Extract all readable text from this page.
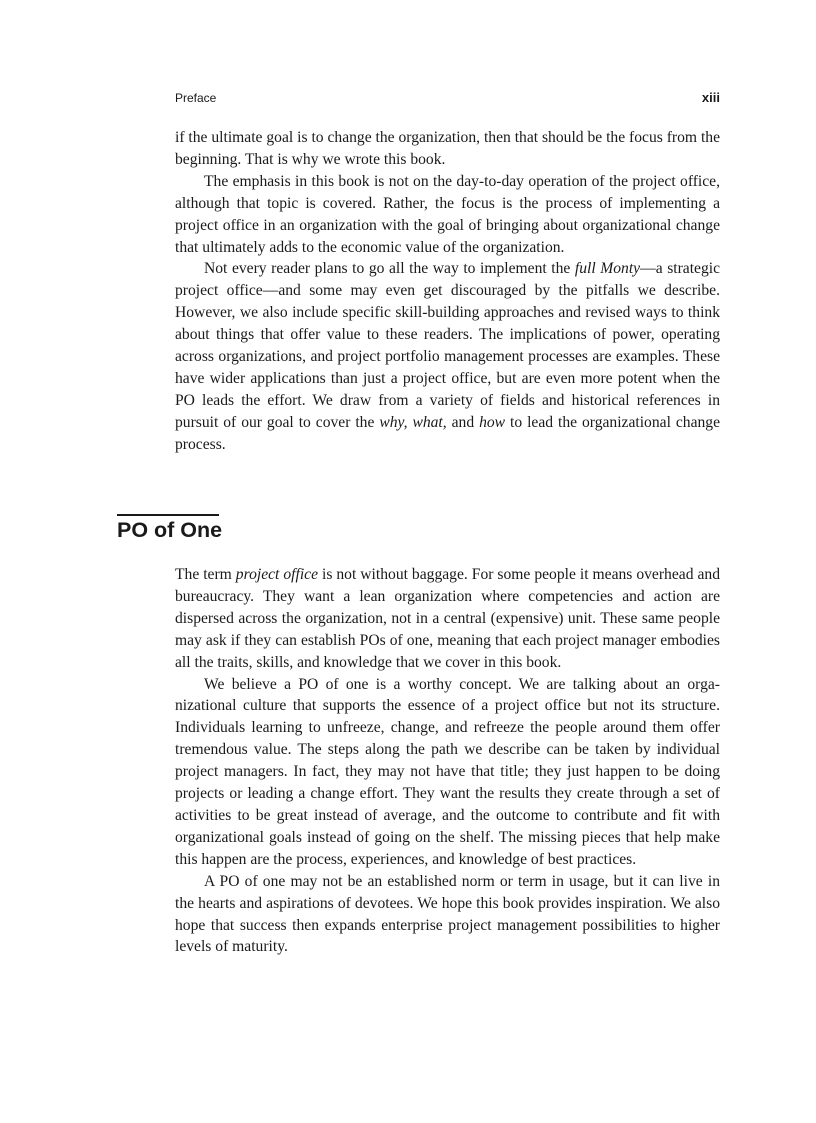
Preface	xiii

if the ultimate goal is to change the organization, then that should be the focus from the beginning. That is why we wrote this book.

The emphasis in this book is not on the day-to-day operation of the project office, although that topic is covered. Rather, the focus is the process of implementing a project office in an organization with the goal of bringing about organizational change that ultimately adds to the economic value of the organization.

Not every reader plans to go all the way to implement the full Monty—a strategic project office—and some may even get discouraged by the pitfalls we describe. However, we also include specific skill-building approaches and revised ways to think about things that offer value to these readers. The implications of power, operating across organizations, and project portfolio management processes are examples. These have wider applications than just a project office, but are even more potent when the PO leads the effort. We draw from a variety of fields and historical references in pursuit of our goal to cover the why, what, and how to lead the organizational change process.

PO of One

The term project office is not without baggage. For some people it means overhead and bureaucracy. They want a lean organization where competencies and action are dispersed across the organization, not in a central (expensive) unit. These same people may ask if they can establish POs of one, meaning that each project manager embodies all the traits, skills, and knowledge that we cover in this book.

We believe a PO of one is a worthy concept. We are talking about an organizational culture that supports the essence of a project office but not its structure. Individuals learning to unfreeze, change, and refreeze the people around them offer tremendous value. The steps along the path we describe can be taken by individual project managers. In fact, they may not have that title; they just happen to be doing projects or leading a change effort. They want the results they create through a set of activities to be great instead of average, and the outcome to contribute and fit with organizational goals instead of going on the shelf. The missing pieces that help make this happen are the process, experiences, and knowledge of best practices.

A PO of one may not be an established norm or term in usage, but it can live in the hearts and aspirations of devotees. We hope this book provides inspiration. We also hope that success then expands enterprise project management possibilities to higher levels of maturity.
